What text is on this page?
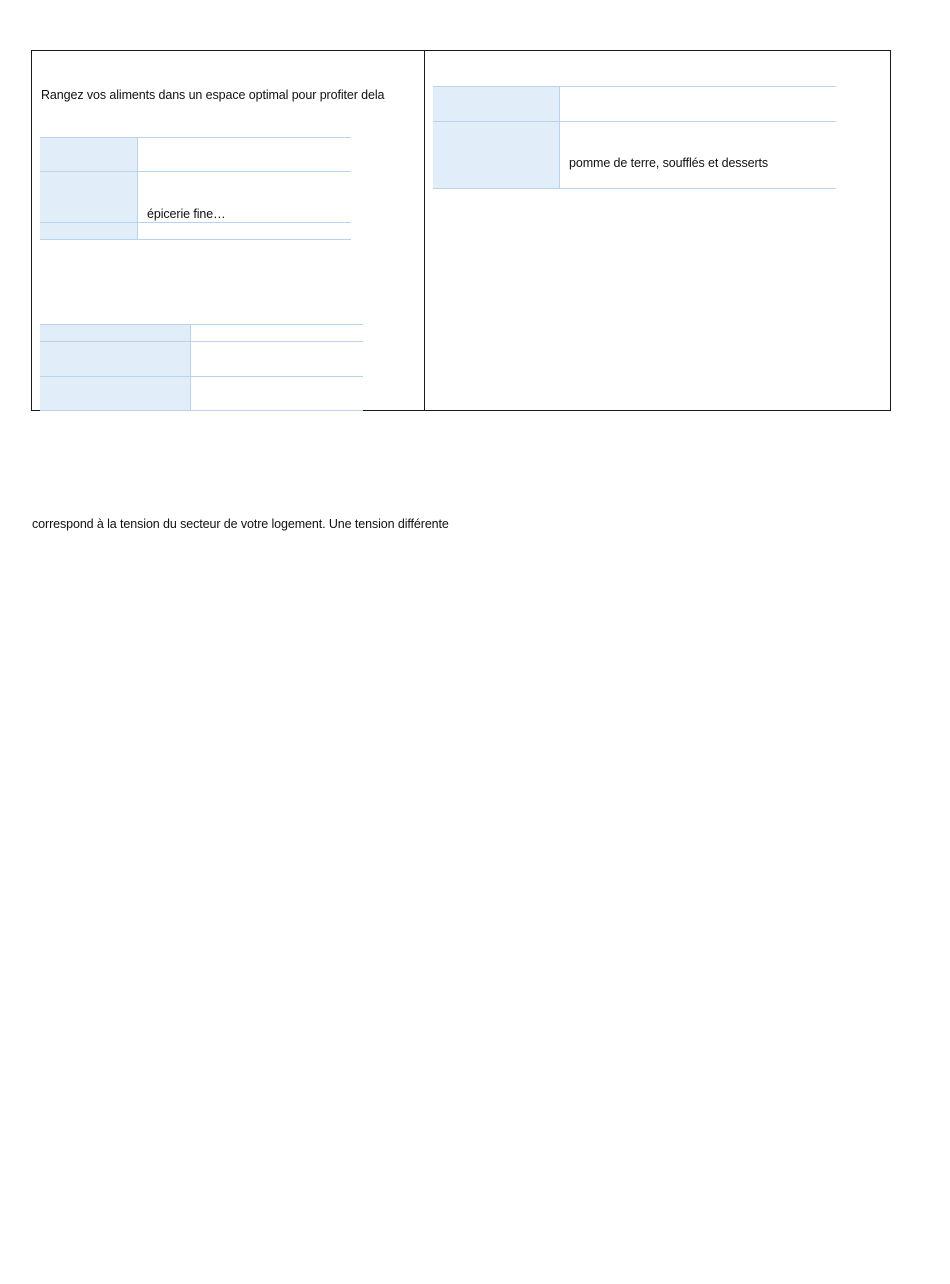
Rangez vos aliments dans un espace optimal pour profiter dela
épicerie fine…
pomme de terre, soufflés et desserts
correspond à la tension du secteur de votre logement. Une tension différente
